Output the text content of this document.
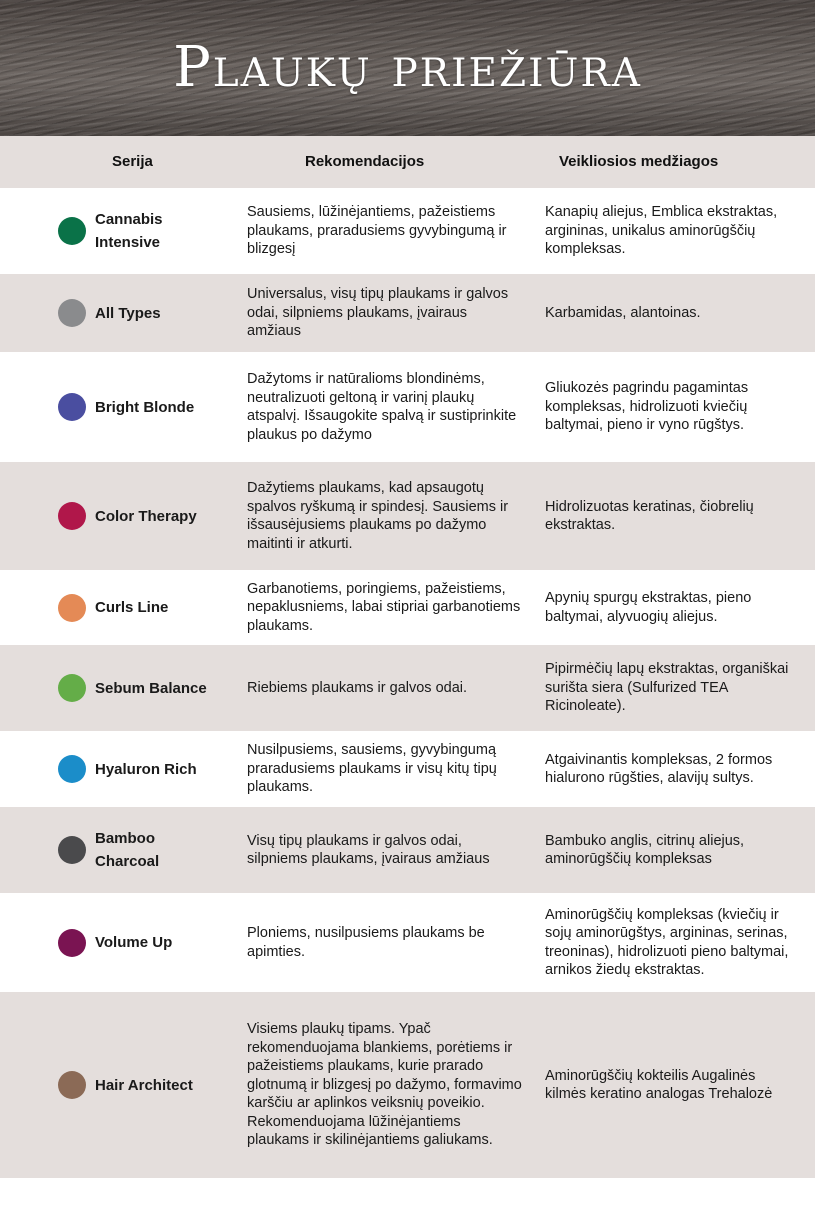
Plaukų priežiūra
Serija	Rekomendacijos	Veikliosios medžiagos

Cannabis Intensive	Sausiems, lūžinėjantiems, pažeistiems plaukams, praradusiems gyvybingumą ir blizgesį	Kanapių aliejus, Emblica ekstraktas, argininas, unikalus aminorūgščių kompleksas.

All Types	Universalus, visų tipų plaukams ir galvos odai, silpniems plaukams, įvairaus amžiaus	Karbamidas, alantoinas.

Bright Blonde	Dažytoms ir natūralioms blondinėms, neutralizuoti geltoną ir varinį plaukų atspalvį. Išsaugokite spalvą ir sustiprinkite plaukus po dažymo	Gliukozės pagrindu pagamintas kompleksas, hidrolizuoti kviečių baltymai, pieno ir vyno rūgštys.

Color Therapy	Dažytiems plaukams, kad apsaugotų spalvos ryškumą ir spindesį. Sausiems ir išsausėjusiems plaukams po dažymo maitinti ir atkurti.	Hidrolizuotas keratinas, čiobrelių ekstraktas.

Curls Line	Garbanotiems, poringiems, pažeistiems, nepaklusniems, labai stipriai garbanotiems plaukams.	Apynių spurgų ekstraktas, pieno baltymai, alyvuogių aliejus.

Sebum Balance	Riebiems plaukams ir galvos odai.	Pipirmėčių lapų ekstraktas, organiškai surišta siera (Sulfurized TEA Ricinoleate).

Hyaluron Rich	Nusilpusiems, sausiems, gyvybingumą praradusiems plaukams ir visų kitų tipų plaukams.	Atgaivinantis kompleksas, 2 formos hialurono rūgšties, alavijų sultys.

Bamboo Charcoal	Visų tipų plaukams ir galvos odai, silpniems plaukams, įvairaus amžiaus	Bambuko anglis, citrinų aliejus, aminorūgščių kompleksas

Volume Up	Ploniems, nusilpusiems plaukams be apimties.	Aminorūgščių kompleksas (kviečių ir sojų aminorūgštys, argininas, serinas, treoninas), hidrolizuoti pieno baltymai, arnikos žiedų ekstraktas.

Hair Architect	Visiems plaukų tipams. Ypač rekomenduojama blankiems, porėtiems ir pažeistiems plaukams, kurie prarado glotnumą ir blizgesį po dažymo, formavimo karščiu ar aplinkos veiksnių poveikio. Rekomenduojama lūžinėjantiems plaukams ir skilinėjantiems galiukams.	Aminorūgščių kokteilis Augalinės kilmės keratino analogas Trehalozė
